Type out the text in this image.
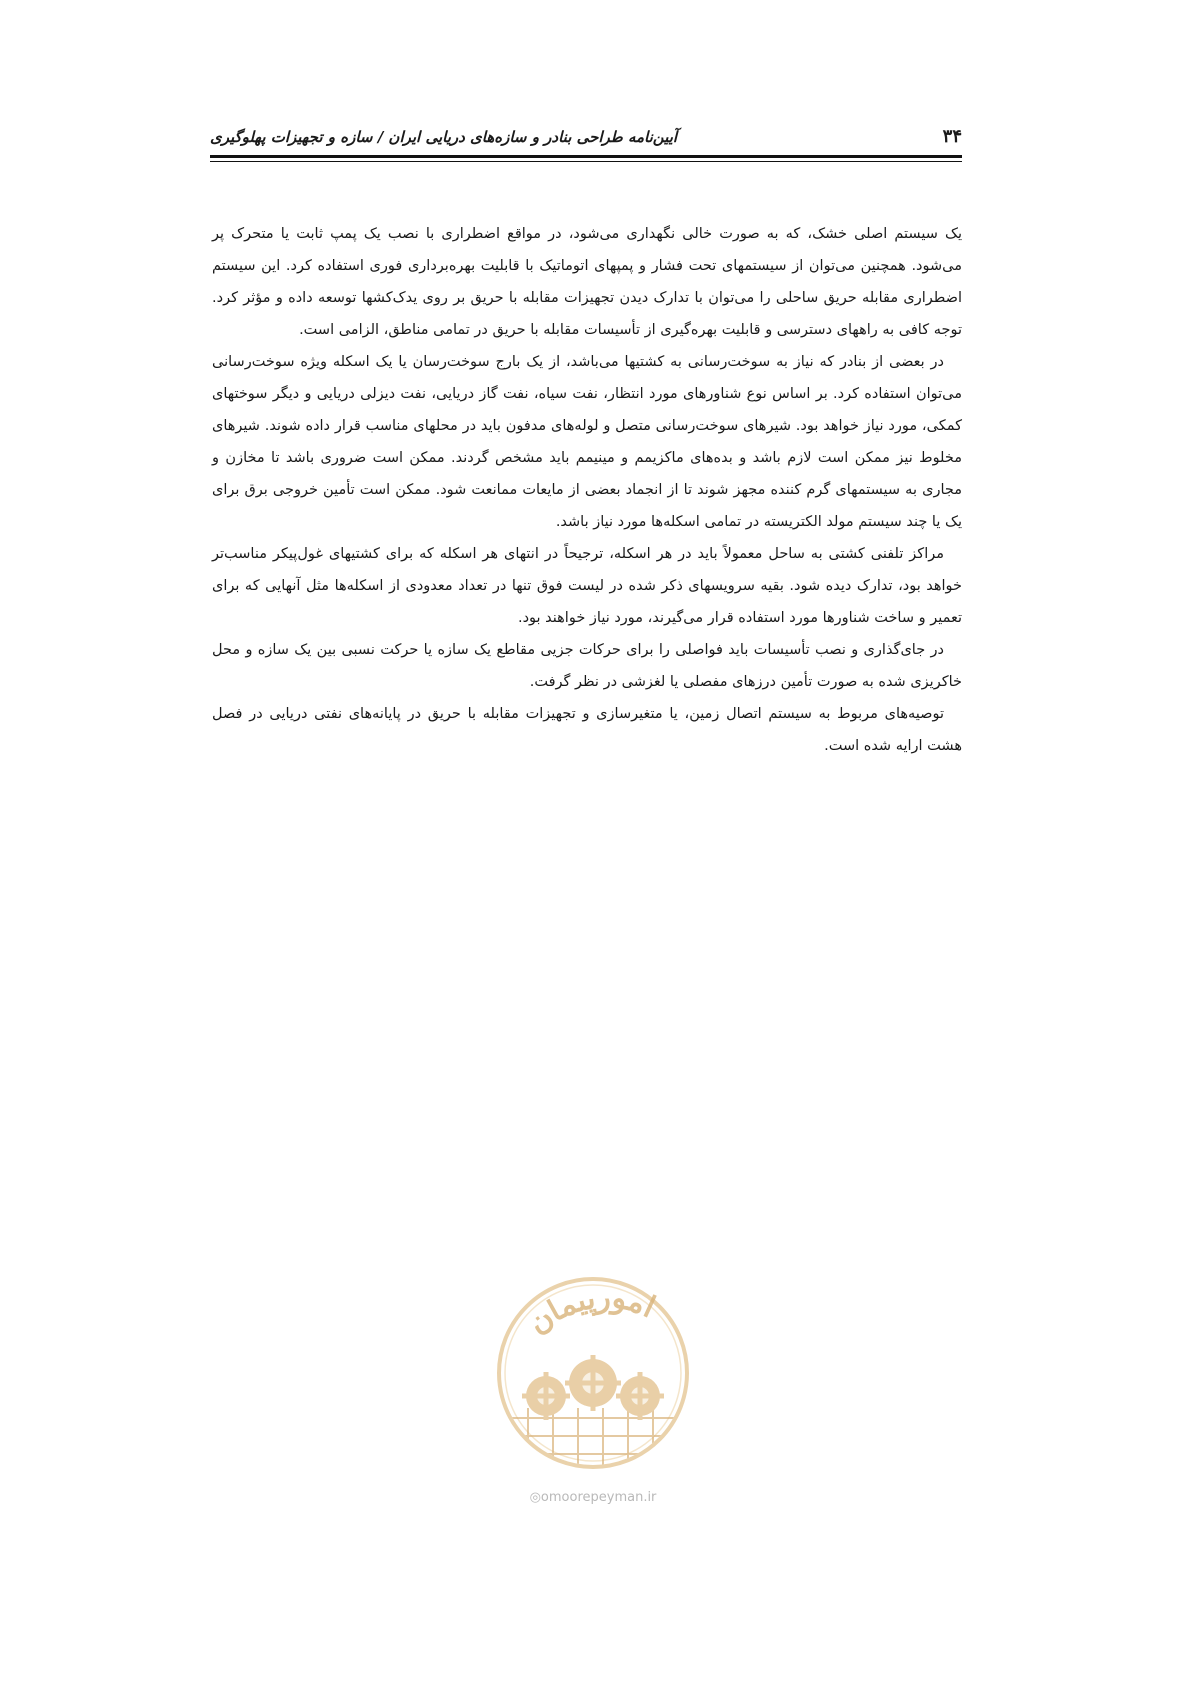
آیین‌نامه طراحی بنادر و سازه‌های دریایی ایران / سازه و تجهیزات پهلوگیری	۳۴

یک سیستم اصلی خشک، که به صورت خالی نگهداری می‌شود، در مواقع اضطراری با نصب یک پمپ ثابت یا متحرک پر می‌شود. همچنین می‌توان از سیستمهای تحت فشار و پمپهای اتوماتیک با قابلیت بهره‌برداری فوری استفاده کرد. این سیستم اضطراری مقابله حریق ساحلی را می‌توان با تدارک دیدن تجهیزات مقابله با حریق بر روی یدک‌کشها توسعه داده و مؤثر کرد. توجه کافی به راههای دسترسی و قابلیت بهره‌گیری از تأسیسات مقابله با حریق در تمامی مناطق، الزامی است.

در بعضی از بنادر که نیاز به سوخت‌رسانی به کشتیها می‌باشد، از یک بارج سوخت‌رسان یا یک اسکله ویژه سوخت‌رسانی می‌توان استفاده کرد. بر اساس نوع شناورهای مورد انتظار، نفت سیاه، نفت گاز دریایی، نفت دیزلی دریایی و دیگر سوختهای کمکی، مورد نیاز خواهد بود. شیرهای سوخت‌رسانی متصل و لوله‌های مدفون باید در محلهای مناسب قرار داده شوند. شیرهای مخلوط نیز ممکن است لازم باشد و بده‌های ماکزیمم و مینیمم باید مشخص گردند. ممکن است ضروری باشد تا مخازن و مجاری به سیستمهای گرم کننده مجهز شوند تا از انجماد بعضی از مایعات ممانعت شود. ممکن است تأمین خروجی برق برای یک یا چند سیستم مولد الکتریسته در تمامی اسکله‌ها مورد نیاز باشد.

مراکز تلفنی کشتی به ساحل معمولاً باید در هر اسکله، ترجیحاً در انتهای هر اسکله که برای کشتیهای غول‌پیکر مناسب‌تر خواهد بود، تدارک دیده شود. بقیه سرویسهای ذکر شده در لیست فوق تنها در تعداد معدودی از اسکله‌ها مثل آنهایی که برای تعمیر و ساخت شناورها مورد استفاده قرار می‌گیرند، مورد نیاز خواهند بود.

در جای‌گذاری و نصب تأسیسات باید فواصلی را برای حرکات جزیی مقاطع یک سازه یا حرکت نسبی بین یک سازه و محل خاکریزی شده به صورت تأمین درزهای مفصلی یا لغزشی در نظر گرفت.

توصیه‌های مربوط به سیستم اتصال زمین، یا متغیرسازی و تجهیزات مقابله با حریق در پایانه‌های نفتی دریایی در فصل هشت ارایه شده است.

امورپیمان
◎omoorepeyman.ir
